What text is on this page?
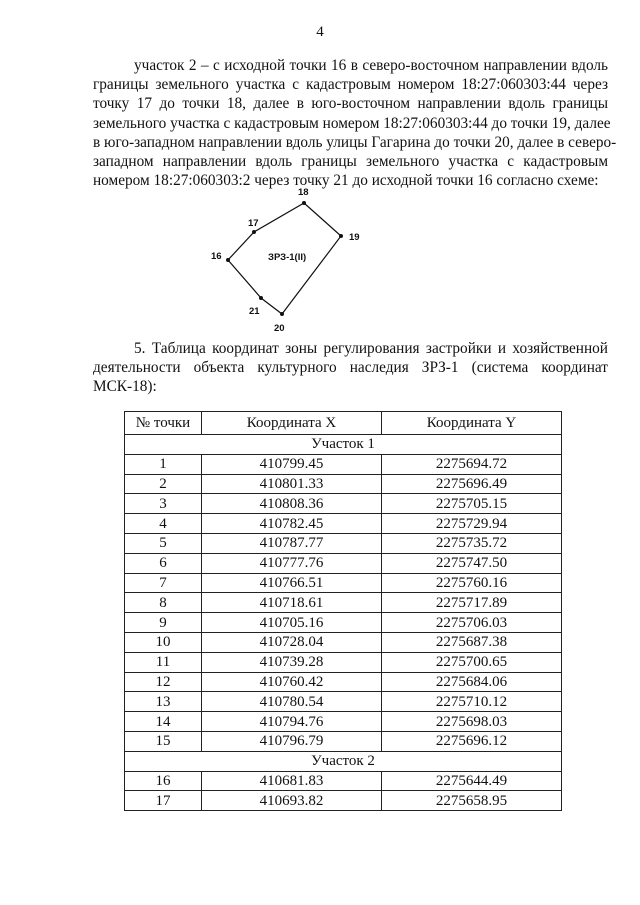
4
участок 2 – с исходной точки 16 в северо-восточном направлении вдоль
границы земельного участка с кадастровым номером 18:27:060303:44 через
точку 17 до точки 18, далее в юго-восточном направлении вдоль границы
земельного участка с кадастровым номером 18:27:060303:44 до точки 19, далее
в юго-западном направлении вдоль улицы Гагарина до точки 20, далее в северо-
западном направлении вдоль границы земельного участка с кадастровым
номером 18:27:060303:2 через точку 21 до исходной точки 16 согласно схеме:
18
17
19
16
21
20
ЗРЗ-1(II)
5. Таблица координат зоны регулирования застройки и хозяйственной
деятельности объекта культурного наследия ЗРЗ-1 (система координат
МСК-18):
№ точки	Координата X	Координата Y
Участок 1		
1	410799.45	2275694.72
2	410801.33	2275696.49
3	410808.36	2275705.15
4	410782.45	2275729.94
5	410787.77	2275735.72
6	410777.76	2275747.50
7	410766.51	2275760.16
8	410718.61	2275717.89
9	410705.16	2275706.03
10	410728.04	2275687.38
11	410739.28	2275700.65
12	410760.42	2275684.06
13	410780.54	2275710.12
14	410794.76	2275698.03
15	410796.79	2275696.12
Участок 2		
16	410681.83	2275644.49
17	410693.82	2275658.95
